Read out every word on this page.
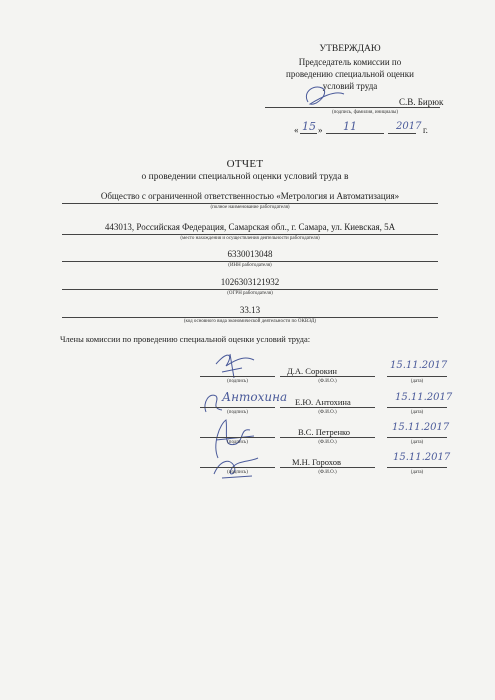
УТВЕРЖДАЮ
Председатель комиссии по
проведению специальной оценки
условий труда
С.В. Бирюк
(подпись, фамилия, инициалы)
« 15 » 11	2017 г.
ОТЧЕТ
о проведении специальной оценки условий труда в
Общество с ограниченной ответственностью «Метрология и Автоматизация»
(полное наименование работодателя)
443013, Российская Федерация, Самарская обл., г. Самара, ул. Киевская, 5А
(место нахождения и осуществления деятельности работодателя)
6330013048
(ИНН работодателя)
1026303121932
(ОГРН работодателя)
33.13
(код основного вида экономической деятельности по ОКВЭД)
Члены комиссии по проведению специальной оценки условий труда:
Д.А. Сорокин	15.11.2017
(подпись)	(Ф.И.О.)	(дата)
Антохина Е.Ю. Антохина	15.11.2017
(подпись)	(Ф.И.О.)	(дата)
В.С. Петренко	15.11.2017
(подпись)	(Ф.И.О.)	(дата)
М.Н. Горохов	15.11.2017
(подпись)	(Ф.И.О.)	(дата)
